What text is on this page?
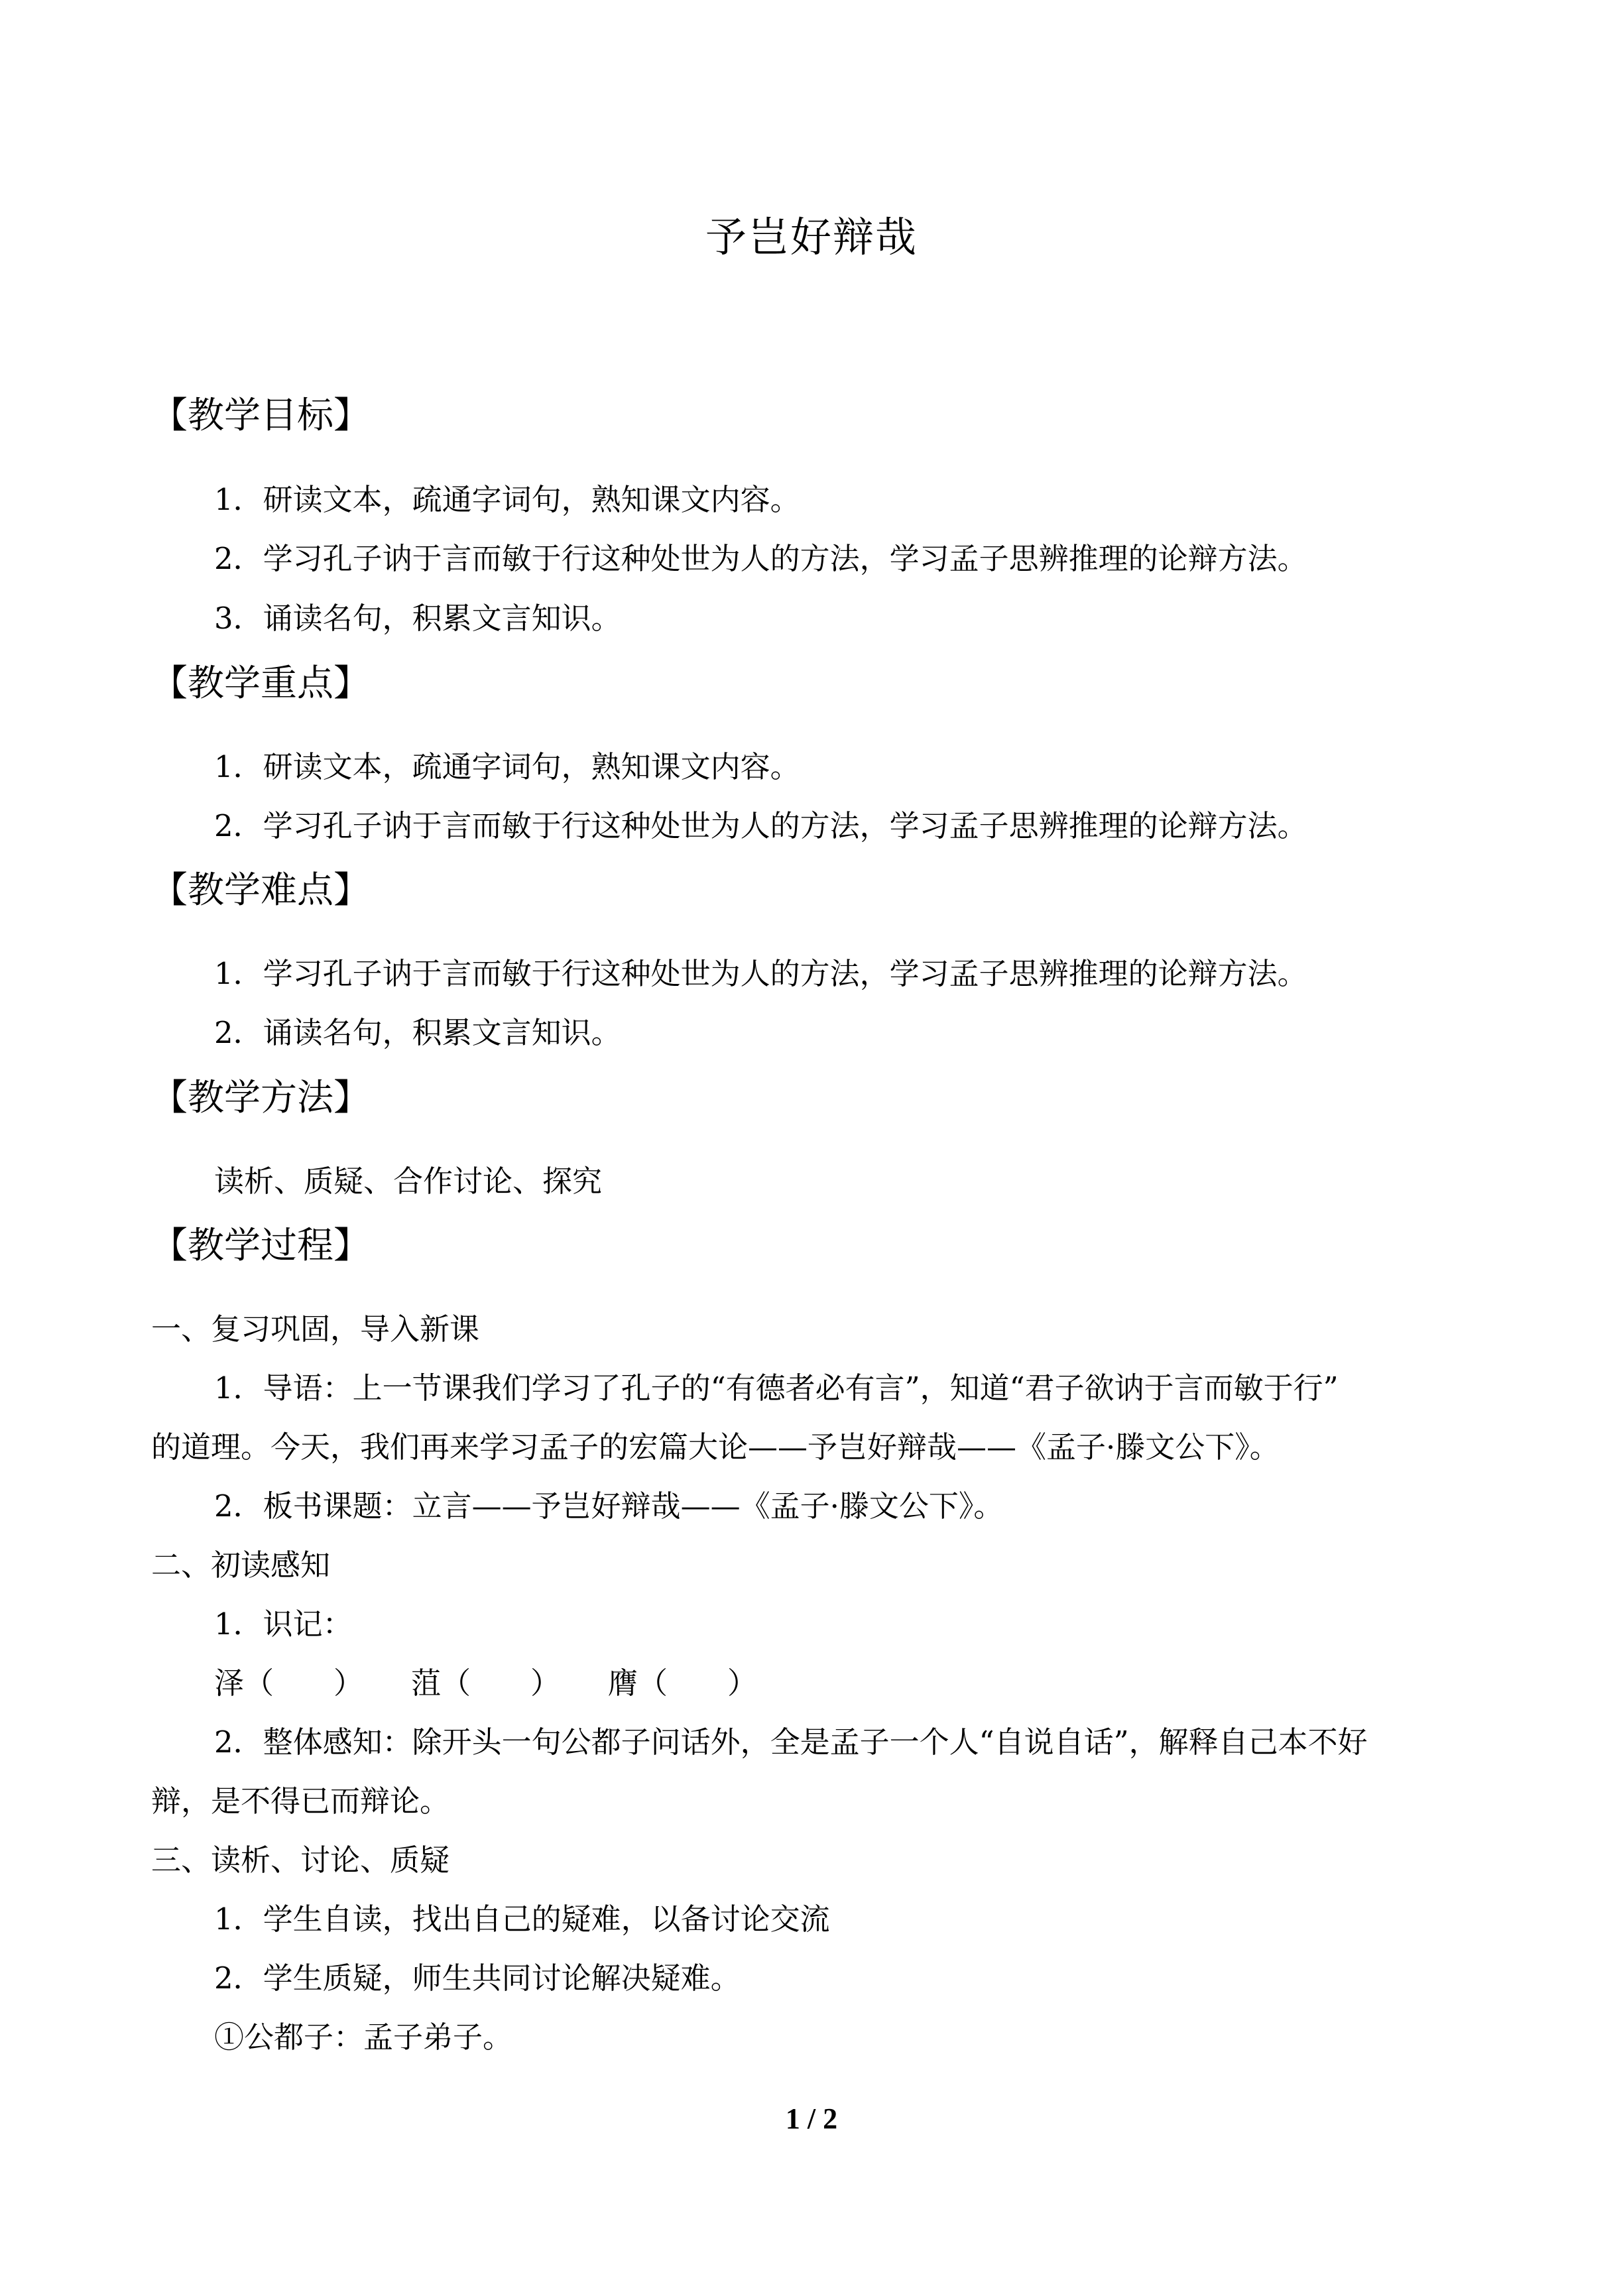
予岂好辩哉
【教学目标】
1．研读文本，疏通字词句，熟知课文内容。
2．学习孔子讷于言而敏于行这种处世为人的方法，学习孟子思辨推理的论辩方法。
3．诵读名句，积累文言知识。
【教学重点】
1．研读文本，疏通字词句，熟知课文内容。
2．学习孔子讷于言而敏于行这种处世为人的方法，学习孟子思辨推理的论辩方法。
【教学难点】
1．学习孔子讷于言而敏于行这种处世为人的方法，学习孟子思辨推理的论辩方法。
2．诵读名句，积累文言知识。
【教学方法】
读析、质疑、合作讨论、探究
【教学过程】
一、复习巩固，导入新课
1．导语：上一节课我们学习了孔子的“有德者必有言”，知道“君子欲讷于言而敏于行”
的道理。今天，我们再来学习孟子的宏篇大论——予岂好辩哉——《孟子·滕文公下》。
2．板书课题：立言——予岂好辩哉——《孟子·滕文公下》。
二、初读感知
1．识记：
泽（　　） 菹（　　） 膺（　　）
2．整体感知：除开头一句公都子问话外，全是孟子一个人“自说自话”，解释自己本不好
辩，是不得已而辩论。
三、读析、讨论、质疑
1．学生自读，找出自己的疑难，以备讨论交流
2．学生质疑，师生共同讨论解决疑难。
①公都子：孟子弟子。
1 / 2
